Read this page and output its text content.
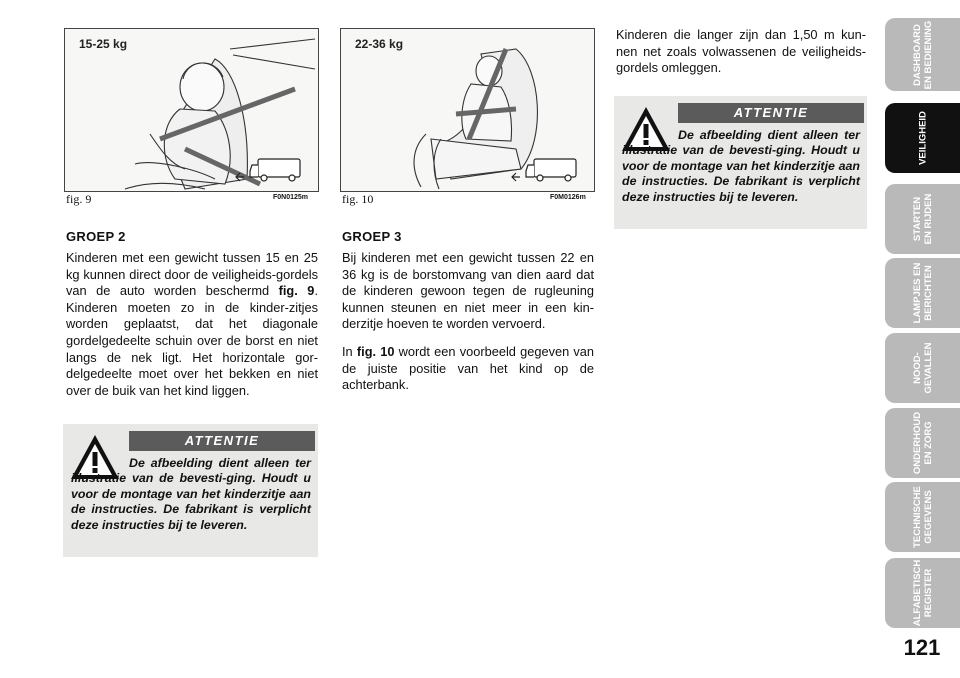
15-25 kg
fig. 9	F0N0125m
22-36 kg
fig. 10	F0M0126m
GROEP 2
Kinderen met een gewicht tussen 15 en 25 kg kunnen direct door de veiligheids-gordels van de auto worden beschermd fig. 9. Kinderen moeten zo in de kinder-zitjes worden geplaatst, dat het diagonale gordelgedeelte schuin over de borst en niet langs de nek ligt. Het horizontale gor-delgedeelte moet over het bekken en niet over de buik van het kind liggen.
GROEP 3
Bij kinderen met een gewicht tussen 22 en 36 kg is de borstomvang van dien aard dat de kinderen gewoon tegen de rugleuning kunnen steunen en niet meer in een kin-derzitje hoeven te worden vervoerd.
In fig. 10 wordt een voorbeeld gegeven van de juiste positie van het kind op de achterbank.
Kinderen die langer zijn dan 1,50 m kun-nen net zoals volwassenen de veiligheids-gordels omleggen.
ATTENTIE
De afbeelding dient alleen ter illustratie van de bevesti-ging. Houdt u voor de montage van het kinderzitje aan de instructies. De fabrikant is verplicht deze instructies bij te leveren.
ATTENTIE
De afbeelding dient alleen ter illustratie van de bevesti-ging. Houdt u voor de montage van het kinderzitje aan de instructies. De fabrikant is verplicht deze instructies bij te leveren.
DASHBOARD
EN BEDIENING
VEILIGHEID
STARTEN
EN RIJDEN
LAMPJES EN
BERICHTEN
NOOD-
GEVALLEN
ONDERHOUD
EN ZORG
TECHNISCHE
GEGEVENS
ALFABETISCH
REGISTER
121
